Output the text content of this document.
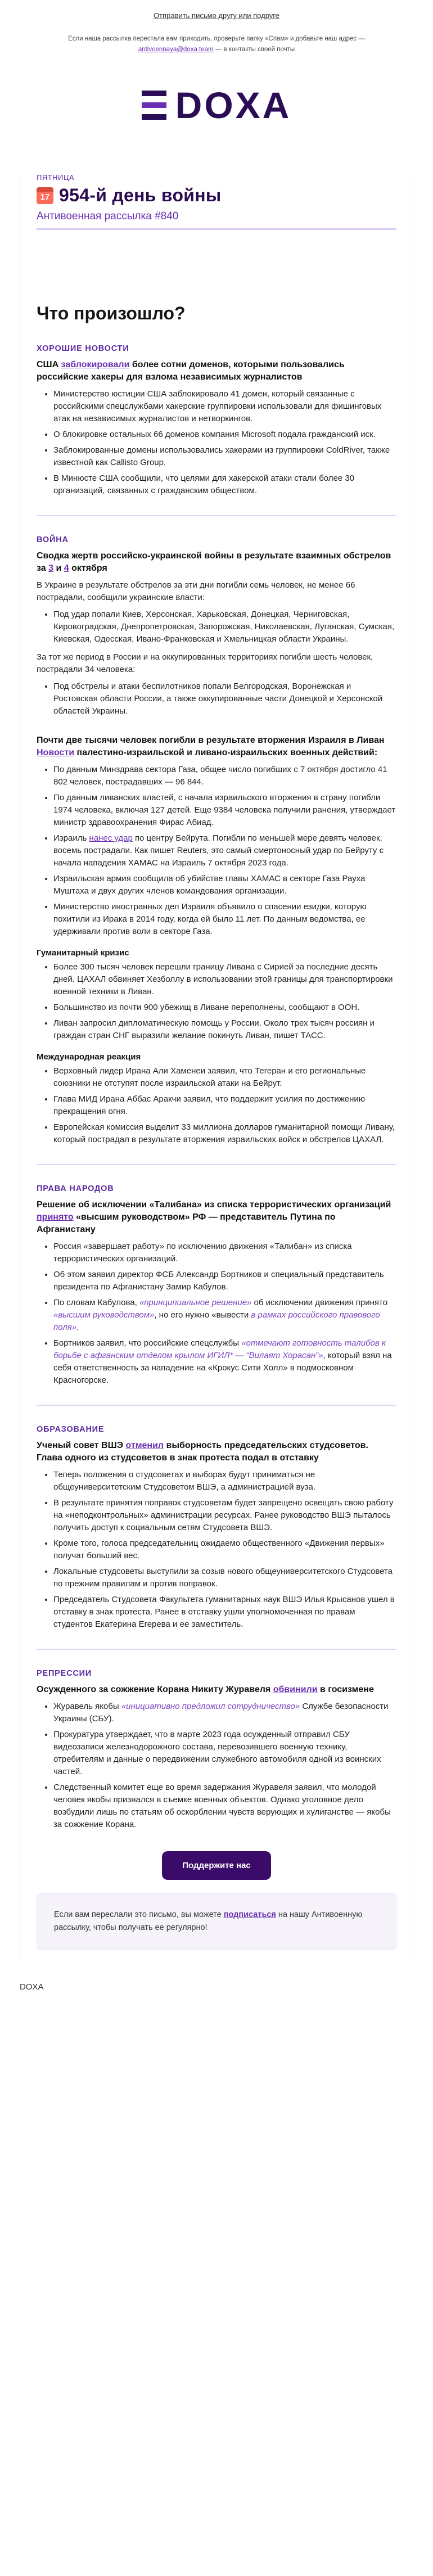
Отправить письмо другу или подруге
Если наша рассылка перестала вам приходить, проверьте папку «Спам» и добавьте наш адрес — antivoennaya@doxa.team — в контакты своей почты
DOXA
ПЯТНИЦА
17 954-й день войны
Антивоенная рассылка #840
Что произошло?
ХОРОШИЕ НОВОСТИ
США заблокировали более сотни доменов, которыми пользовались российские хакеры для взлома независимых журналистов
• Министерство юстиции США заблокировало 41 домен, который связанные с российскими спецслужбами хакерские группировки использовали для фишинговых атак на независимых журналистов и нетворкингов.
• О блокировке остальных 66 доменов компания Microsoft подала гражданский иск.
• Заблокированные домены использовались хакерами из группировки ColdRiver, также известной как Callisto Group.
• В Минюсте США сообщили, что целями для хакерской атаки стали более 30 организаций, связанных с гражданским обществом.
ВОЙНА
Сводка жертв российско-украинской войны в результате взаимных обстрелов за 3 и 4 октября

В Украине в результате обстрелов за эти дни погибли семь человек, не менее 66 пострадали, сообщили украинские власти:

• Под удар попали Киев, Херсонская, Харьковская, Донецкая, Черниговская, Кировоградская, Днепропетровская, Запорожская, Николаевская, Луганская, Сумская, Киевская, Одесская, Ивано-Франковская и Хмельницкая области Украины.

За тот же период в России и на оккупированных территориях погибли шесть человек, пострадали 34 человека:

• Под обстрелы и атаки беспилотников попали Белгородская, Воронежская и Ростовская области России, а также оккупированные части Донецкой и Херсонской областей Украины.
Почти две тысячи человек погибли в результате вторжения Израиля в Ливан
Новости палестино-израильской и ливано-израильских военных действий:
• По данным Минздрава сектора Газа, общее число погибших с 7 октября достигло 41 802 человек, пострадавших — 96 844.
• По данным ливанских властей, с начала израильского вторжения в страну погибли 1974 человека, включая 127 детей. Еще 9384 человека получили ранения, утверждает министр здравоохранения Фирас Абиад.
• Израиль нанес удар по центру Бейрута. Погибли по меньшей мере девять человек, восемь пострадали. Как пишет Reuters, это самый смертоносный удар по Бейруту с начала нападения ХАМАС на Израиль 7 октября 2023 года.
• Израильская армия сообщила об убийстве главы ХАМАС в секторе Газа Рауха Муштаха и двух других членов командования организации.
• Министерство иностранных дел Израиля объявило о спасении езидки, которую похитили из Ирака в 2014 году, когда ей было 11 лет. По данным ведомства, ее удерживали против воли в секторе Газа.
Гуманитарный кризис
• Более 300 тысяч человек перешли границу Ливана с Сирией за последние десять дней. ЦАХАЛ обвиняет Хезболлу в использовании этой границы для транспортировки военной техники в Ливан.
• Большинство из почти 900 убежищ в Ливане переполнены, сообщают в ООН.
• Ливан запросил дипломатическую помощь у России. Около трех тысяч россиян и граждан стран СНГ выразили желание покинуть Ливан, пишет ТАСС.
Международная реакция
• Верховный лидер Ирана Али Хаменеи заявил, что Тегеран и его региональные союзники не отступят после израильской атаки на Бейрут.
• Глава МИД Ирана Аббас Аракчи заявил, что поддержит усилия по достижению прекращения огня.
• Европейская комиссия выделит 33 миллиона долларов гуманитарной помощи Ливану, который пострадал в результате вторжения израильских войск и обстрелов ЦАХАЛ.
ПРАВА НАРОДОВ
Решение об исключении «Талибана» из списка террористических организаций принято «высшим руководством» РФ — представитель Путина по Афганистану
• Россия «завершает работу» по исключению движения «Талибан» из списка террористических организаций.
• Об этом заявил директор ФСБ Александр Бортников и специальный представитель президента по Афганистану Замир Кабулов.
• По словам Кабулова, «принципиальное решение» об исключении движения принято «высшим руководством», но его нужно «вывести в рамках российского правового поля».
• Бортников заявил, что российские спецслужбы «отмечают готовность талибов к борьбе с афганским отделом крылом ИГИЛ* — “Вилаят Хорасан”», который взял на себя ответственность за нападение на «Крокус Сити Холл» в подмосковном Красногорске.
ОБРАЗОВАНИЕ
Ученый совет ВШЭ отменил выборность председательских студсоветов. Глава одного из студсоветов в знак протеста подал в отставку
• Теперь положения о студсоветах и выборах будут приниматься не общеуниверситетским Студсоветом ВШЭ, а администрацией вуза.
• В результате принятия поправок студсоветам будет запрещено освещать свою работу на «неподконтрольных» администрации ресурсах. Ранее руководство ВШЭ пыталось получить доступ к социальным сетям Студсовета ВШЭ.
• Кроме того, голоса председательниц ожидаемо общественного «Движения первых» получат больший вес.
• Локальные студсоветы выступили за созыв нового общеуниверситетского Студсовета по прежним правилам и против поправок.
• Председатель Студсовета Факультета гуманитарных наук ВШЭ Илья Крысанов ушел в отставку в знак протеста. Ранее в отставку ушли уполномоченная по правам студентов Екатерина Егерева и ее заместитель.
РЕПРЕССИИ
Осужденного за сожжение Корана Никиту Журавеля обвинили в госизмене
• Журавель якобы «инициативно предложил сотрудничество» Службе безопасности Украины (СБУ).
• Прокуратура утверждает, что в марте 2023 года осужденный отправил СБУ видеозаписи железнодорожного состава, перевозившего военную технику, отребителям и данные о передвижении служебного автомобиля одной из воинских частей.
• Следственный комитет еще во время задержания Журавеля заявил, что молодой человек якобы признался в съемке военных объектов. Однако уголовное дело возбудили лишь по статьям об оскорблении чувств верующих и хулиганстве — якобы за сожжение Корана.
Поддержите нас
Если вам переслали это письмо, вы можете подписаться на нашу Антивоенную рассылку, чтобы получать ее регулярно!
DOXA
